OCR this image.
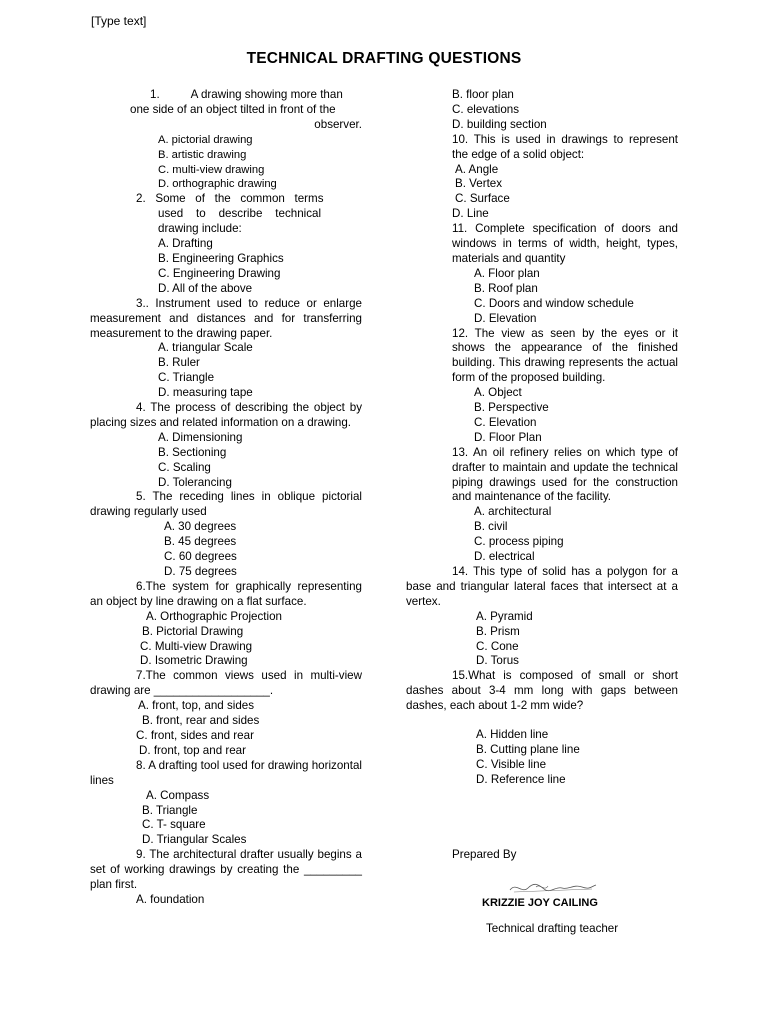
[Type text]
TECHNICAL DRAFTING QUESTIONS
1.	A drawing showing more than
one side of an object tilted in front of the
observer.
A. pictorial drawing
B. artistic drawing
C. multi-view drawing
D. orthographic drawing
2.   Some   of   the   common   terms
used    to    describe    technical
drawing include:
A. Drafting
B. Engineering Graphics
C. Engineering Drawing
D. All of the above
3.. Instrument used to reduce or enlarge measurement and distances and for transferring measurement to the drawing paper.
A. triangular Scale
B. Ruler
C. Triangle
D. measuring tape
4. The process of describing the object by placing sizes and related information on a drawing.
A. Dimensioning
B. Sectioning
C. Scaling
D. Tolerancing
5. The receding lines in oblique pictorial drawing regularly used
A. 30 degrees
B. 45 degrees
C. 60 degrees
D. 75 degrees
6.The system for graphically representing an object by line drawing on a flat surface.
A. Orthographic Projection
B. Pictorial Drawing
C. Multi-view Drawing
D. Isometric Drawing
7.The common views used in multi-view drawing are __________________.
A. front, top, and sides
B. front, rear and sides
C. front, sides and rear
D. front, top and rear
8. A drafting tool used for drawing horizontal lines
A. Compass
B. Triangle
C. T- square
D. Triangular Scales
9. The architectural drafter usually begins a set of working drawings by creating the _________ plan first.
A. foundation
B. floor plan
C. elevations
D. building section
10. This is used in drawings to represent the edge of a solid object:
A. Angle
B. Vertex
C. Surface
D. Line
11. Complete specification of doors and windows in terms of width, height, types, materials and quantity
A. Floor plan
B. Roof plan
C. Doors and window schedule
D. Elevation
12. The view as seen by the eyes or it shows the appearance of the finished building. This drawing represents the actual form of the proposed building.
A. Object
B. Perspective
C. Elevation
D. Floor Plan
13. An oil refinery relies on which type of drafter to maintain and update the technical piping drawings used for the construction and maintenance of the facility.
A. architectural
B. civil
C. process piping
D. electrical
14. This type of solid has a polygon for a base and triangular lateral faces that intersect at a vertex.
A. Pyramid
B. Prism
C. Cone
D. Torus
15.What is composed of small or short dashes about 3-4 mm long with gaps between dashes, each about 1-2 mm wide?
A. Hidden line
B. Cutting plane line
C. Visible line
D. Reference line
Prepared By
KRIZZIE JOY CAILING
Technical drafting teacher
